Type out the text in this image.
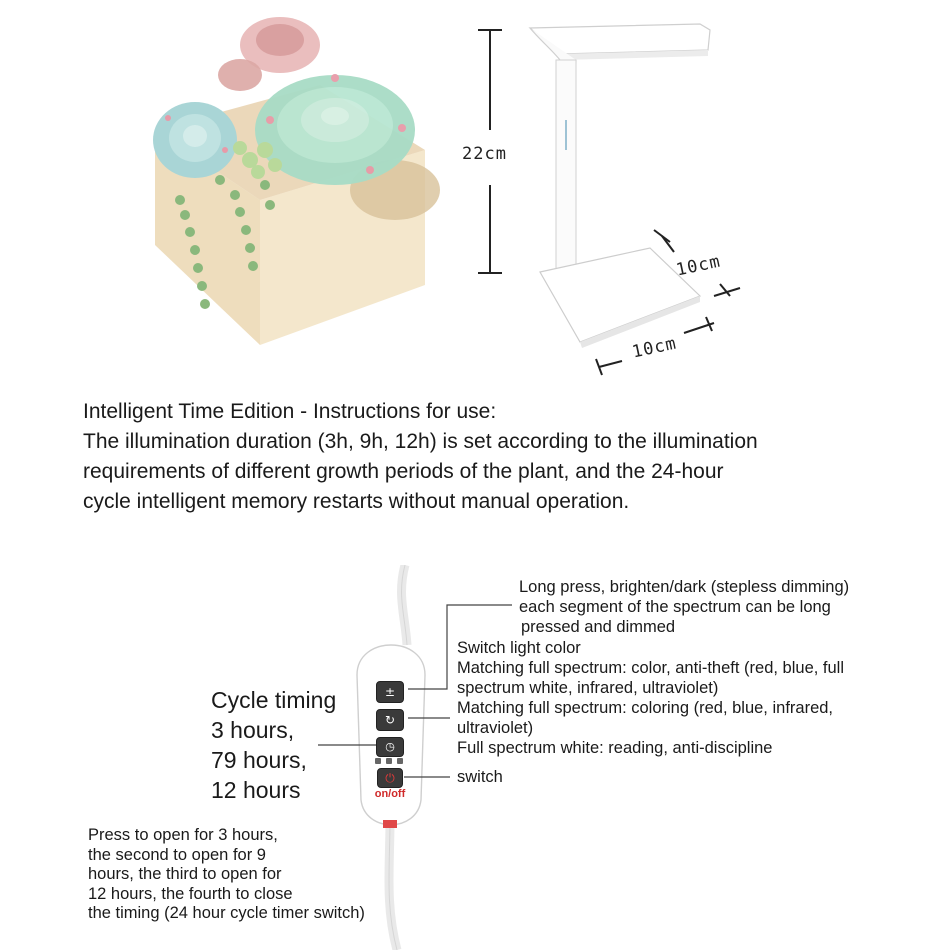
22cm
10cm
10cm
Intelligent Time Edition - Instructions for use:
The illumination duration (3h, 9h, 12h) is set according to the illumination
requirements of different growth periods of the plant, and the 24-hour
cycle intelligent memory restarts without manual operation.
±
↻
◷
⏻
on/off
Long press, brighten/dark (stepless dimming)
each segment of the spectrum can be long
pressed and dimmed
Switch light color
Matching full spectrum: color, anti-theft (red, blue, full
spectrum white, infrared, ultraviolet)
Matching full spectrum: coloring (red, blue, infrared,
ultraviolet)
Full spectrum white: reading, anti-discipline
switch
Cycle timing
3 hours,
79 hours,
12 hours
Press to open for 3 hours,
the second to open for 9
hours, the third to open for
12 hours, the fourth to close
the timing (24 hour cycle timer switch)
